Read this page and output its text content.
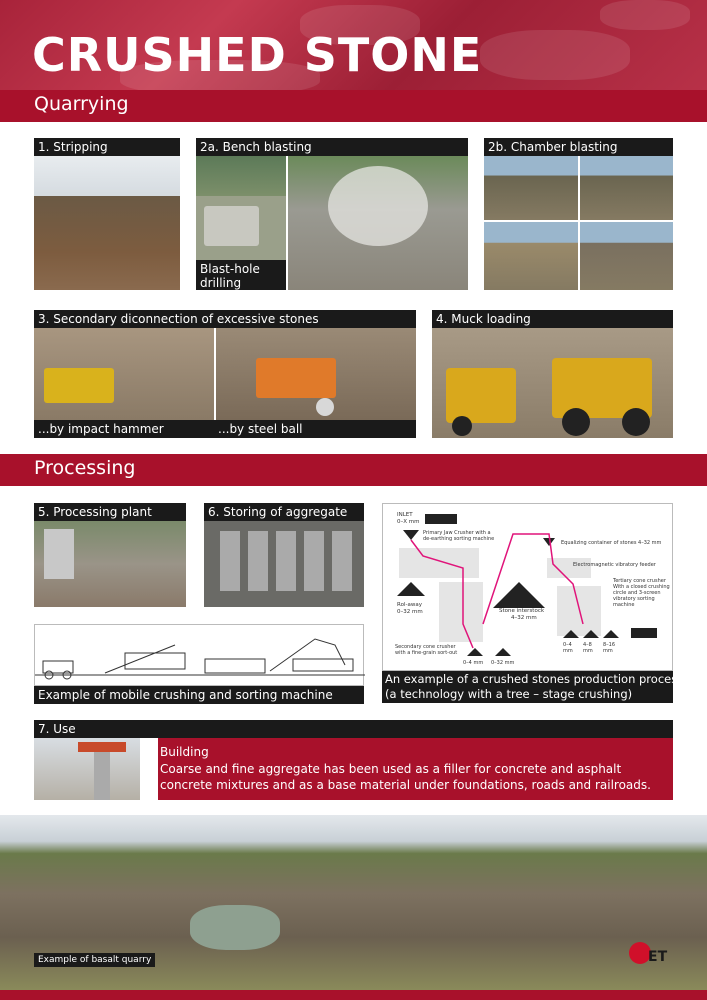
CRUSHED STONE
Quarrying
1. Stripping	2a. Bench blasting
Blast-hole
drilling
2b. Chamber blasting
3. Secondary diconnection of excessive stones
...by impact hammer	...by steel ball
4. Muck loading
Processing
5. Processing plant	6. Storing of aggregate
Example of mobile crushing and sorting machine
INLET
0–X mm
Primary Jaw Crusher with a de-earthing sorting machine
Equalizing container of stones 4–32 mm
Electromagnetic vibratory feeder
Tertiary cone crusher With a closed crushing circle and 3-screen vibratory sorting machine
Rol-away
0–32 mm	Stone interstock
4–32 mm
Secondary cone crusher with a fine-grain sort-out
0–4 mm 0–32 mm
0–4
mm
4–8
mm
8–16
mm
An example of a crushed stones production process
(a technology with a tree – stage crushing)
7. Use
Building
Coarse and fine aggregate has been used as a filler for concrete and asphalt concrete mixtures and as a base material under foundations, roads and railroads.
Example of basalt quarry	ET
